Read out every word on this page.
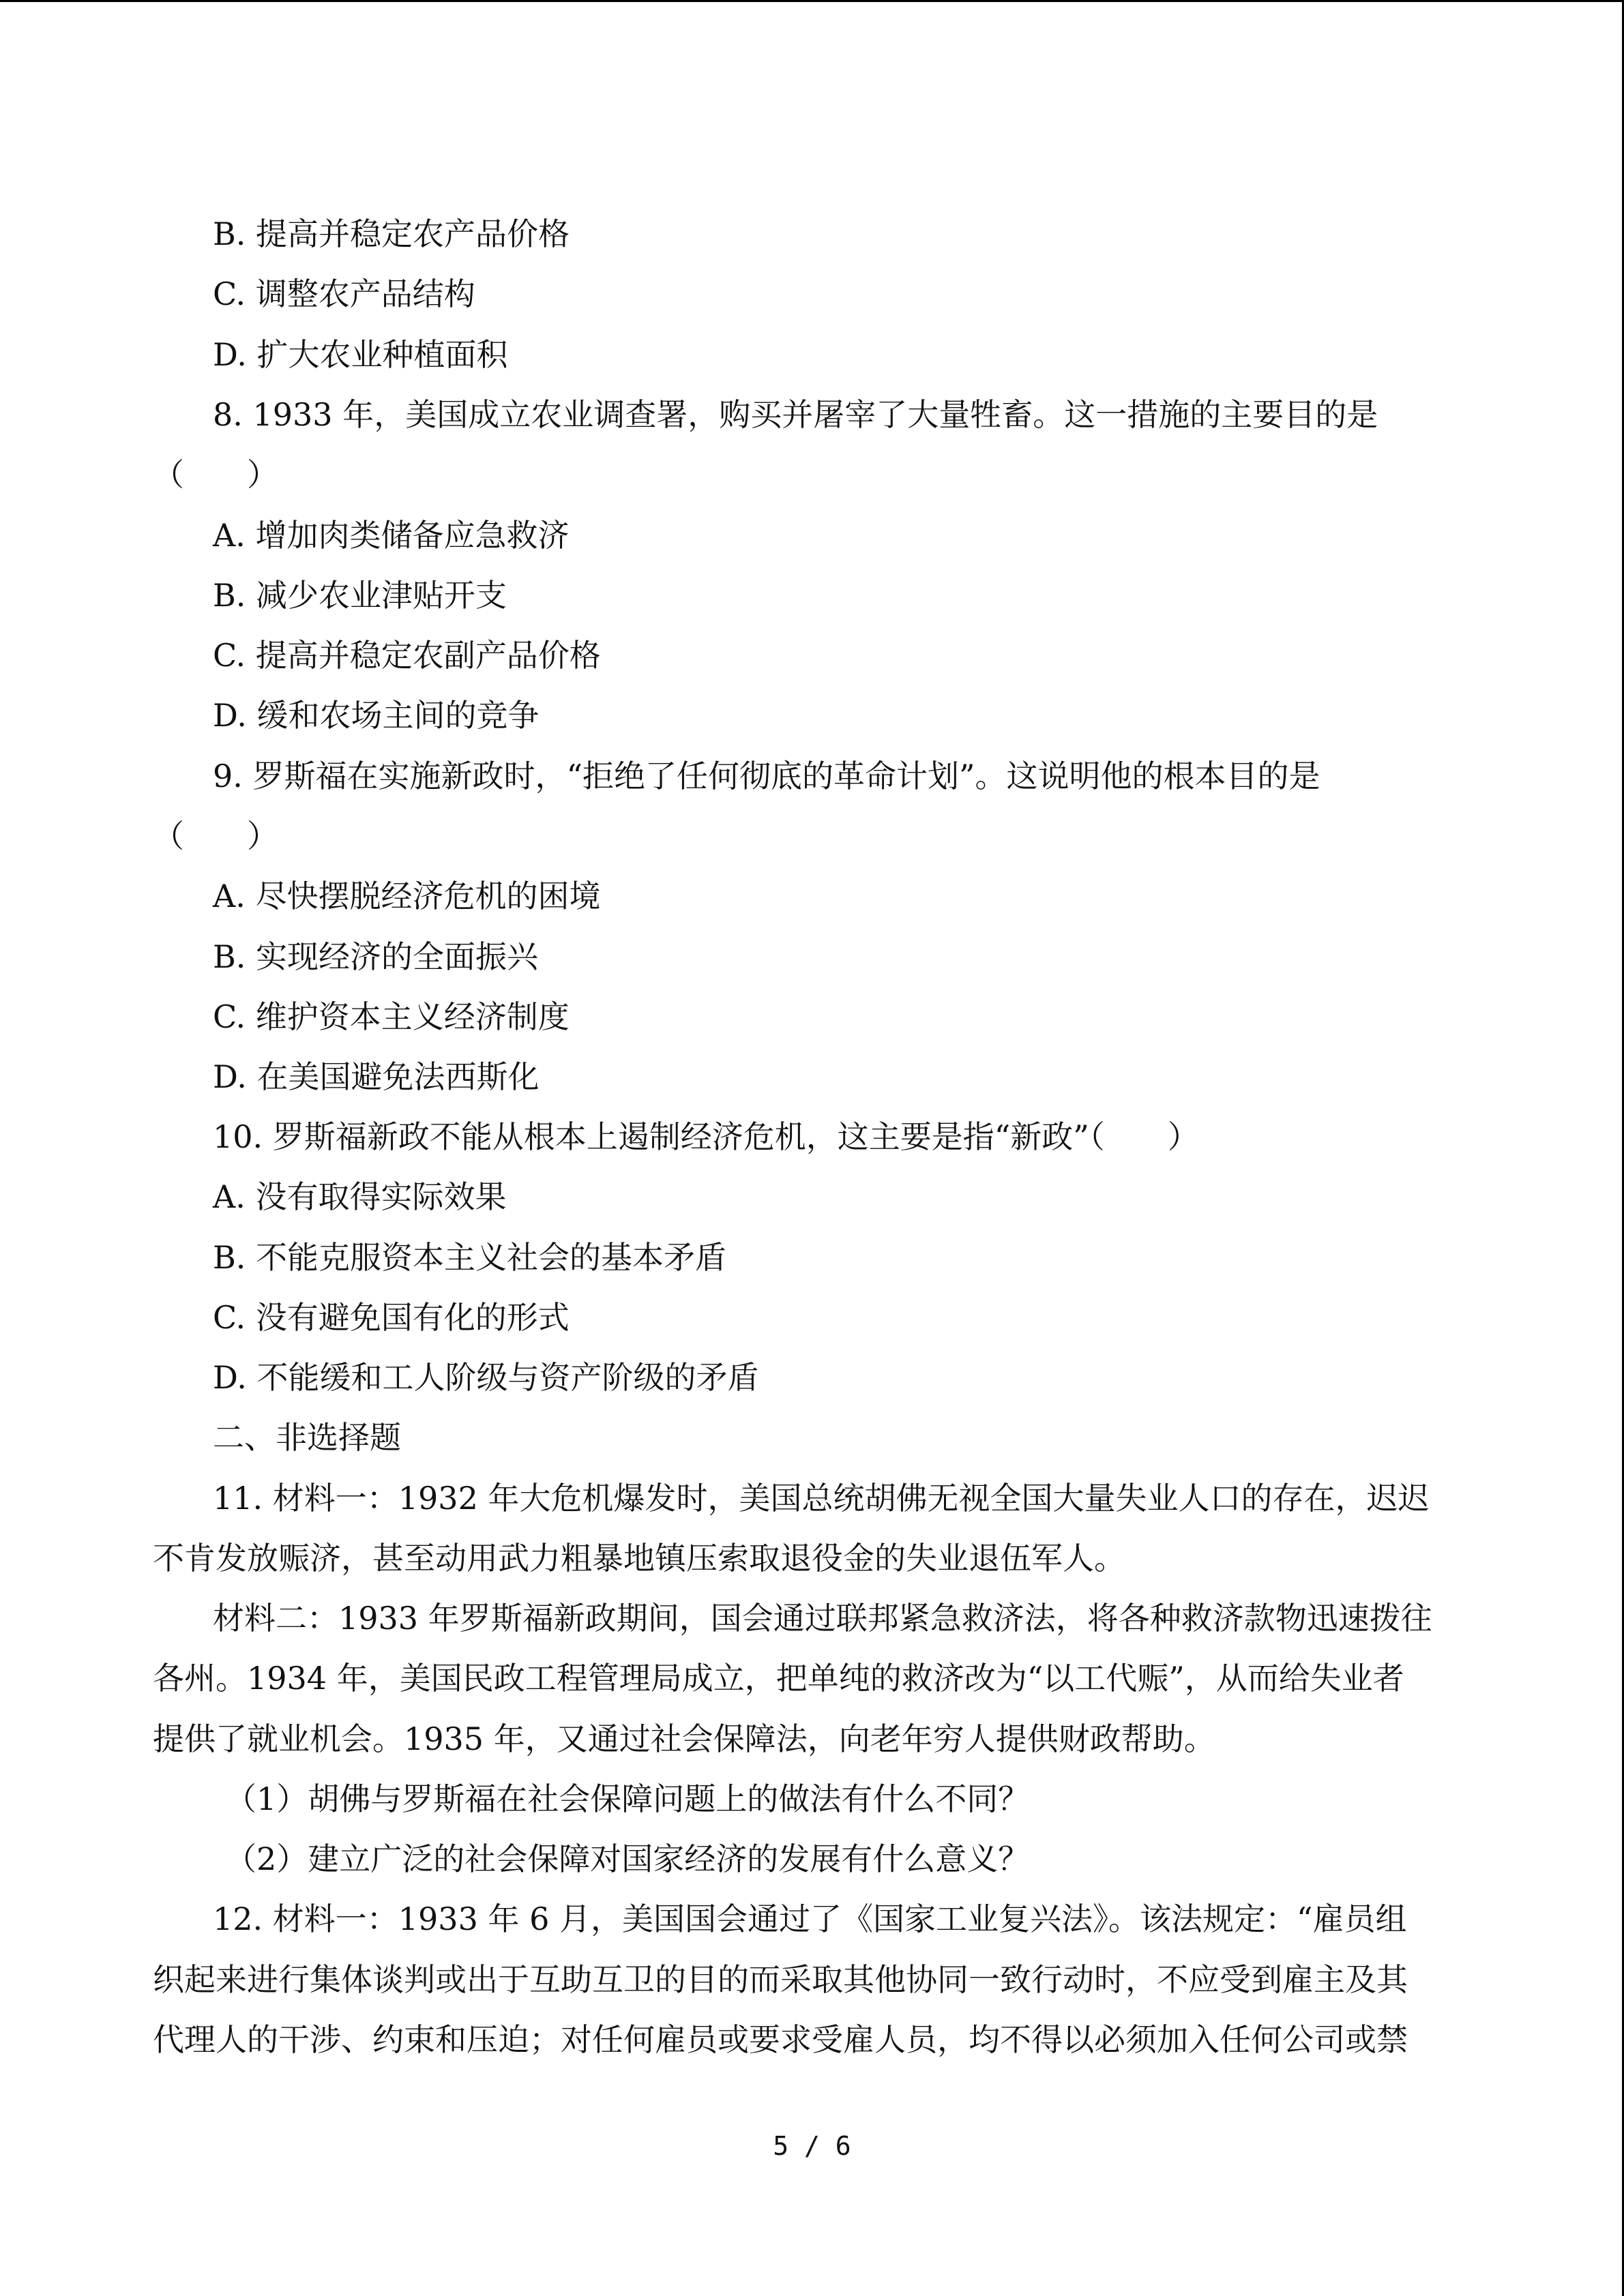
B. 提高并稳定农产品价格
C. 调整农产品结构
D. 扩大农业种植面积
8. 1933 年，美国成立农业调查署，购买并屠宰了大量牲畜。这一措施的主要目的是
（　　）
A. 增加肉类储备应急救济
B. 减少农业津贴开支
C. 提高并稳定农副产品价格
D. 缓和农场主间的竞争
9. 罗斯福在实施新政时，“拒绝了任何彻底的革命计划”。这说明他的根本目的是
（　　）
A. 尽快摆脱经济危机的困境
B. 实现经济的全面振兴
C. 维护资本主义经济制度
D. 在美国避免法西斯化
10. 罗斯福新政不能从根本上遏制经济危机，这主要是指“新政”（　　）
A. 没有取得实际效果
B. 不能克服资本主义社会的基本矛盾
C. 没有避免国有化的形式
D. 不能缓和工人阶级与资产阶级的矛盾
二、非选择题
11. 材料一：1932 年大危机爆发时，美国总统胡佛无视全国大量失业人口的存在，迟迟
不肯发放赈济，甚至动用武力粗暴地镇压索取退役金的失业退伍军人。
材料二：1933 年罗斯福新政期间，国会通过联邦紧急救济法，将各种救济款物迅速拨往
各州。1934 年，美国民政工程管理局成立，把单纯的救济改为“以工代赈”，从而给失业者
提供了就业机会。1935 年，又通过社会保障法，向老年穷人提供财政帮助。
（1）胡佛与罗斯福在社会保障问题上的做法有什么不同？
（2）建立广泛的社会保障对国家经济的发展有什么意义？
12. 材料一：1933 年 6 月，美国国会通过了《国家工业复兴法》。该法规定：“雇员组
织起来进行集体谈判或出于互助互卫的目的而采取其他协同一致行动时，不应受到雇主及其
代理人的干涉、约束和压迫；对任何雇员或要求受雇人员，均不得以必须加入任何公司或禁
5 / 6
